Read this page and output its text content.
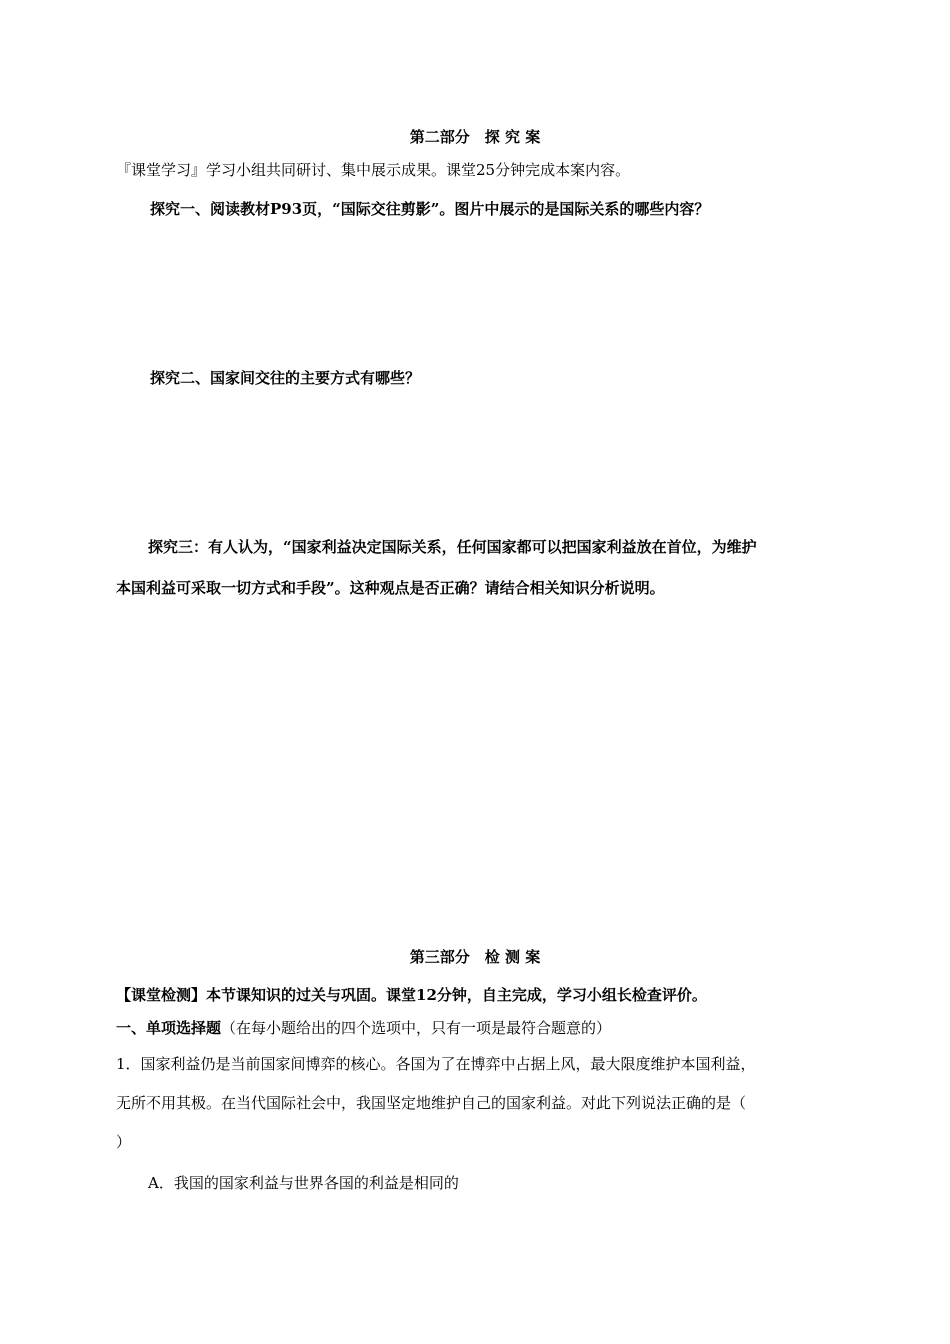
第二部分　探 究 案
『课堂学习』学习小组共同研讨、集中展示成果。课堂25分钟完成本案内容。
探究一、阅读教材P93页，“国际交往剪影”。图片中展示的是国际关系的哪些内容？
探究二、国家间交往的主要方式有哪些？
探究三：有人认为，“国家利益决定国际关系，任何国家都可以把国家利益放在首位，为维护
本国利益可采取一切方式和手段”。这种观点是否正确？请结合相关知识分析说明。
第三部分　检 测 案
【课堂检测】本节课知识的过关与巩固。课堂12分钟，自主完成，学习小组长检查评价。
一、单项选择题（在每小题给出的四个选项中，只有一项是最符合题意的）
1．国家利益仍是当前国家间博弈的核心。各国为了在博弈中占据上风，最大限度维护本国利益，
无所不用其极。在当代国际社会中，我国坚定地维护自己的国家利益。对此下列说法正确的是（
）
A．我国的国家利益与世界各国的利益是相同的
